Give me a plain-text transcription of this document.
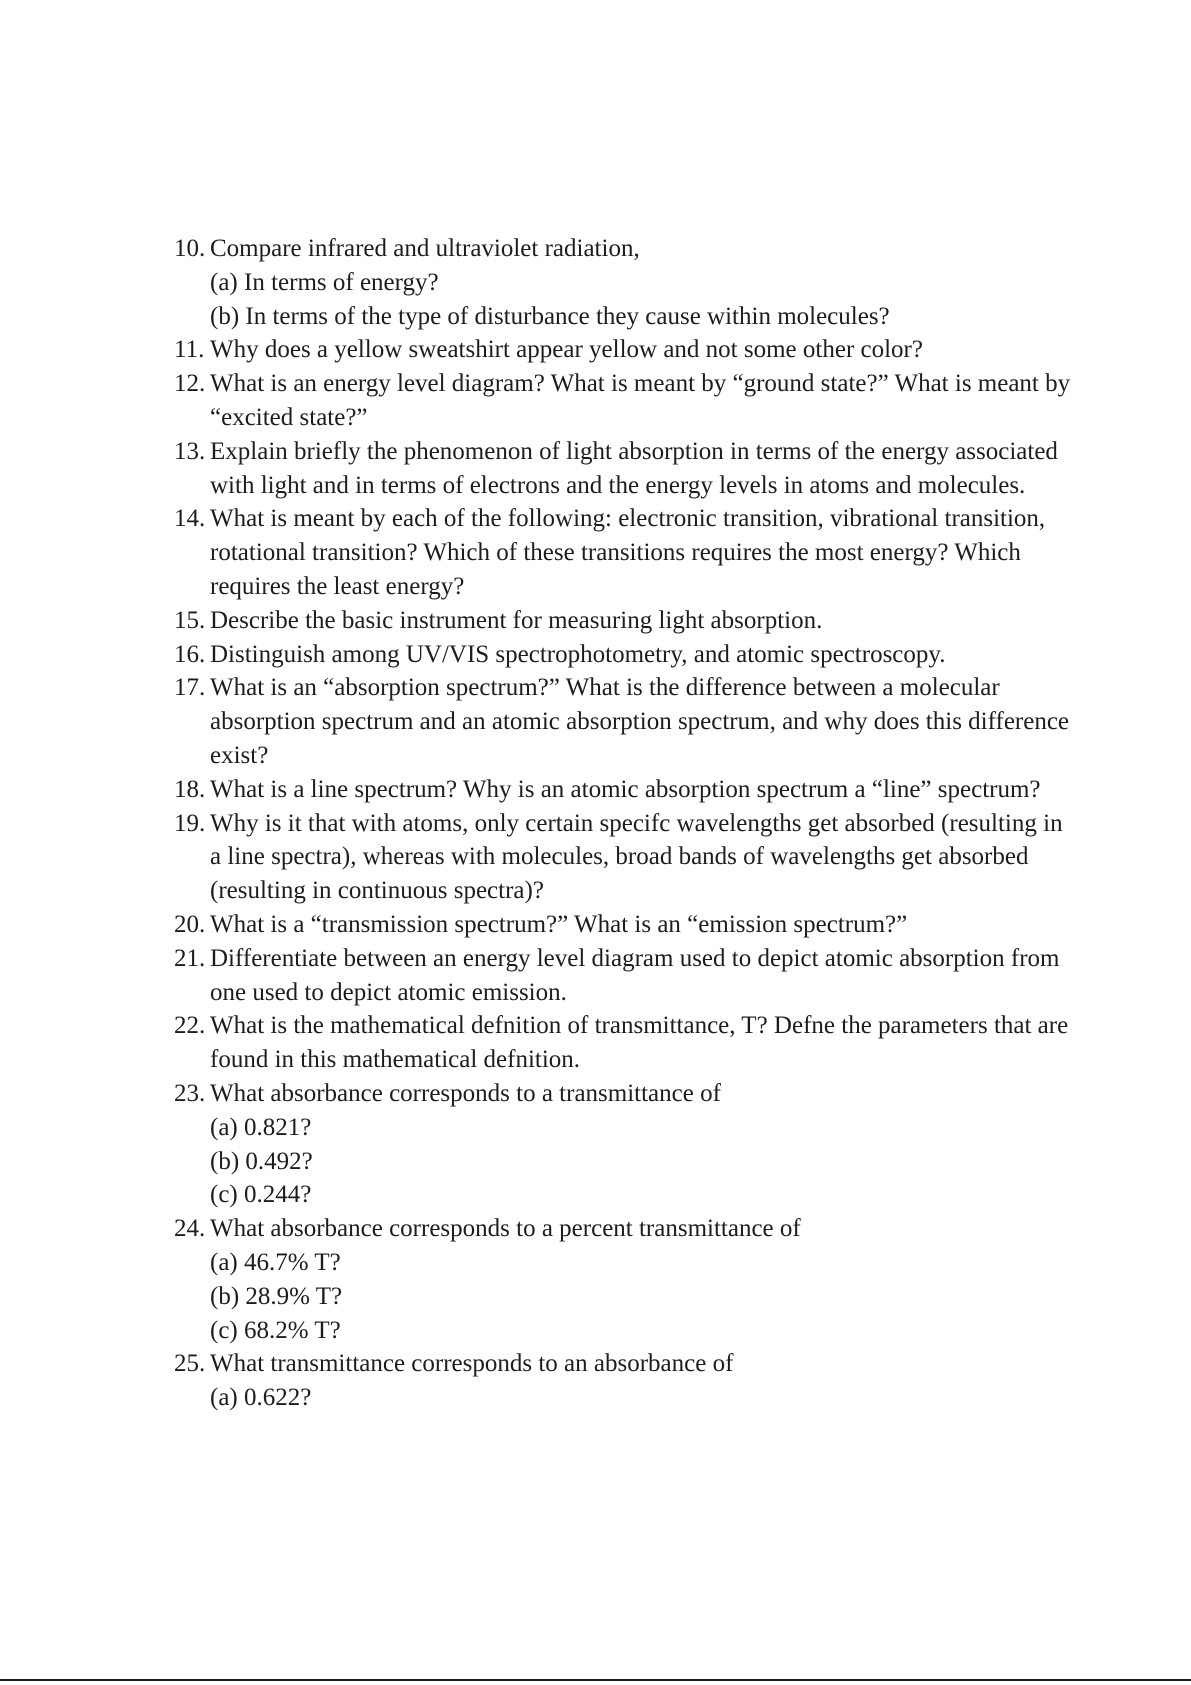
10. Compare infrared and ultraviolet radiation,
(a) In terms of energy?
(b) In terms of the type of disturbance they cause within molecules?
11. Why does a yellow sweatshirt appear yellow and not some other color?
12. What is an energy level diagram? What is meant by “ground state?” What is meant by “excited state?”
13. Explain briefly the phenomenon of light absorption in terms of the energy associated with light and in terms of electrons and the energy levels in atoms and molecules.
14. What is meant by each of the following: electronic transition, vibrational transition, rotational transition? Which of these transitions requires the most energy? Which requires the least energy?
15. Describe the basic instrument for measuring light absorption.
16. Distinguish among UV/VIS spectrophotometry, and atomic spectroscopy.
17. What is an “absorption spectrum?” What is the difference between a molecular absorption spectrum and an atomic absorption spectrum, and why does this difference exist?
18. What is a line spectrum? Why is an atomic absorption spectrum a “line” spectrum?
19. Why is it that with atoms, only certain specifc wavelengths get absorbed (resulting in a line spectra), whereas with molecules, broad bands of wavelengths get absorbed (resulting in continuous spectra)?
20. What is a “transmission spectrum?” What is an “emission spectrum?”
21. Differentiate between an energy level diagram used to depict atomic absorption from one used to depict atomic emission.
22. What is the mathematical defnition of transmittance, T? Defne the parameters that are found in this mathematical defnition.
23. What absorbance corresponds to a transmittance of
(a) 0.821?
(b) 0.492?
(c) 0.244?
24. What absorbance corresponds to a percent transmittance of
(a) 46.7% T?
(b) 28.9% T?
(c) 68.2% T?
25. What transmittance corresponds to an absorbance of
(a) 0.622?
